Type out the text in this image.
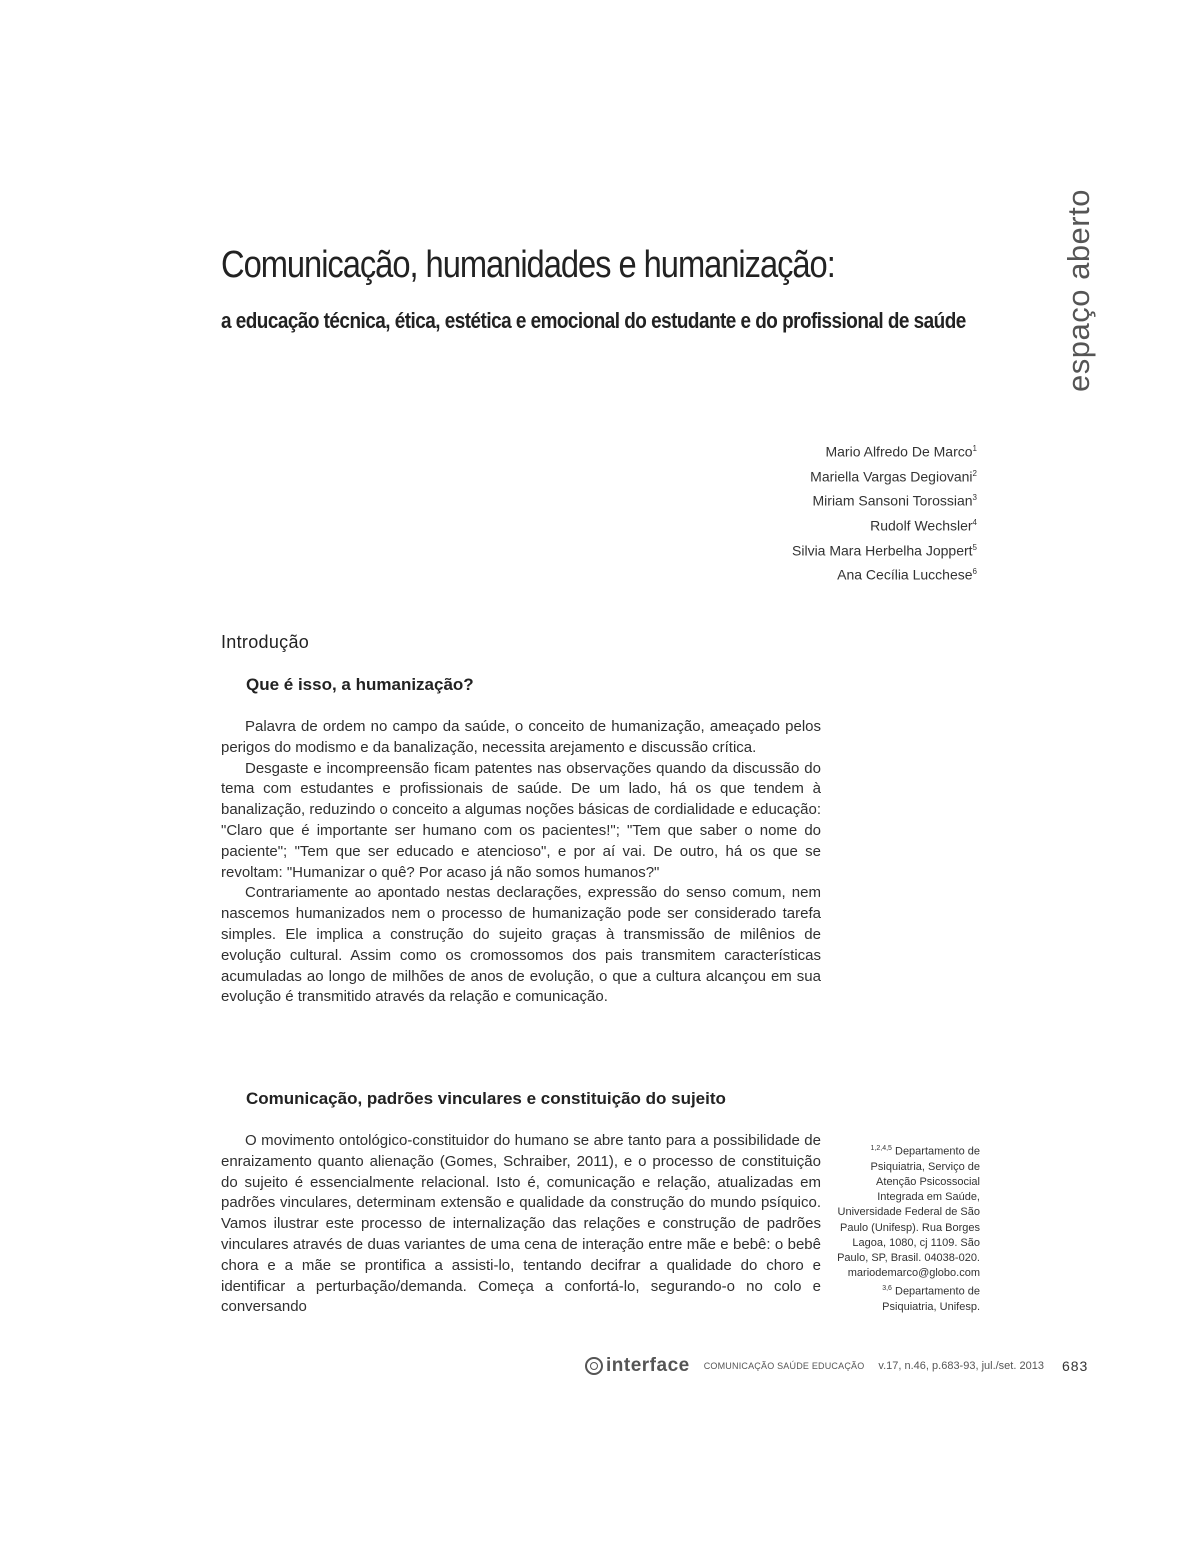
espaço aberto
Comunicação, humanidades e humanização:
a educação técnica, ética, estética e emocional do estudante e do profissional de saúde
Mario Alfredo De Marco$^1$
Mariella Vargas Degiovani$^2$
Miriam Sansoni Torossian$^3$
Rudolf Wechsler$^4$
Silvia Mara Herbelha Joppert$^5$
Ana Cecília Lucchese$^6$
Introdução
Que é isso, a humanização?

Palavra de ordem no campo da saúde, o conceito de humanização, ameaçado pelos perigos do modismo e da banalização, necessita arejamento e discussão crítica.

Desgaste e incompreensão ficam patentes nas observações quando da discussão do tema com estudantes e profissionais de saúde. De um lado, há os que tendem à banalização, reduzindo o conceito a algumas noções básicas de cordialidade e educação: "Claro que é importante ser humano com os pacientes!"; "Tem que saber o nome do paciente"; "Tem que ser educado e atencioso", e por aí vai. De outro, há os que se revoltam: "Humanizar o quê? Por acaso já não somos humanos?"

Contrariamente ao apontado nestas declarações, expressão do senso comum, nem nascemos humanizados nem o processo de humanização pode ser considerado tarefa simples. Ele implica a construção do sujeito graças à transmissão de milênios de evolução cultural. Assim como os cromossomos dos pais transmitem características acumuladas ao longo de milhões de anos de evolução, o que a cultura alcançou em sua evolução é transmitido através da relação e comunicação.

Comunicação, padrões vinculares e constituição do sujeito

O movimento ontológico-constituidor do humano se abre tanto para a possibilidade de enraizamento quanto alienação (Gomes, Schraiber, 2011), e o processo de constituição do sujeito é essencialmente relacional. Isto é, comunicação e relação, atualizadas em padrões vinculares, determinam extensão e qualidade da construção do mundo psíquico. Vamos ilustrar este processo de internalização das relações e construção de padrões vinculares através de duas variantes de uma cena de interação entre mãe e bebê: o bebê chora e a mãe se prontifica a assisti-lo, tentando decifrar a qualidade do choro e identificar a perturbação/demanda. Começa a confortá-lo, segurando-o no colo e conversando

$^{1,2,4,5}$ Departamento de Psiquiatria, Serviço de Atenção Psicossocial Integrada em Saúde, Universidade Federal de São Paulo (Unifesp). Rua Borges Lagoa, 1080, cj 1109. São Paulo, SP, Brasil. 04038-020.

mariodemarco@globo.com

$^{3,6}$ Departamento de Psiquiatria, Unifesp.

interface COMUNICAÇÃO SAÚDE EDUCAÇÃO v.17, n.46, p.683-93, jul./set. 2013 683
